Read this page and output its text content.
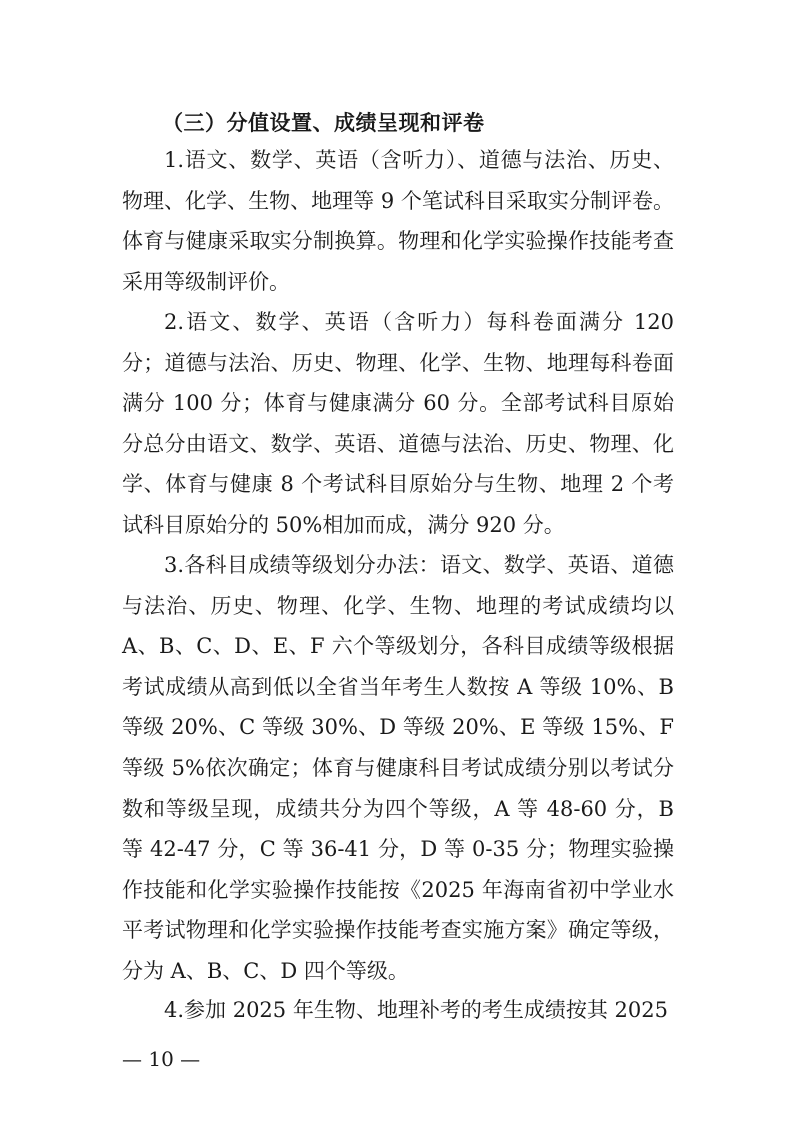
（三）分值设置、成绩呈现和评卷
1.语文、数学、英语（含听力）、道德与法治、历史、物理、化学、生物、地理等 9 个笔试科目采取实分制评卷。体育与健康采取实分制换算。物理和化学实验操作技能考查采用等级制评价。
2.语文、数学、英语（含听力）每科卷面满分 120 分；道德与法治、历史、物理、化学、生物、地理每科卷面满分 100 分；体育与健康满分 60 分。全部考试科目原始分总分由语文、数学、英语、道德与法治、历史、物理、化学、体育与健康 8 个考试科目原始分与生物、地理 2 个考试科目原始分的 50%相加而成，满分 920 分。
3.各科目成绩等级划分办法：语文、数学、英语、道德与法治、历史、物理、化学、生物、地理的考试成绩均以 A、B、C、D、E、F 六个等级划分，各科目成绩等级根据考试成绩从高到低以全省当年考生人数按 A 等级 10%、B 等级 20%、C 等级 30%、D 等级 20%、E 等级 15%、F 等级 5%依次确定；体育与健康科目考试成绩分别以考试分数和等级呈现，成绩共分为四个等级，A 等 48-60 分，B 等 42-47 分，C 等 36-41 分，D 等 0-35 分；物理实验操作技能和化学实验操作技能按《2025 年海南省初中学业水平考试物理和化学实验操作技能考查实施方案》确定等级，分为 A、B、C、D 四个等级。
4.参加 2025 年生物、地理补考的考生成绩按其 2025
— 10 —
